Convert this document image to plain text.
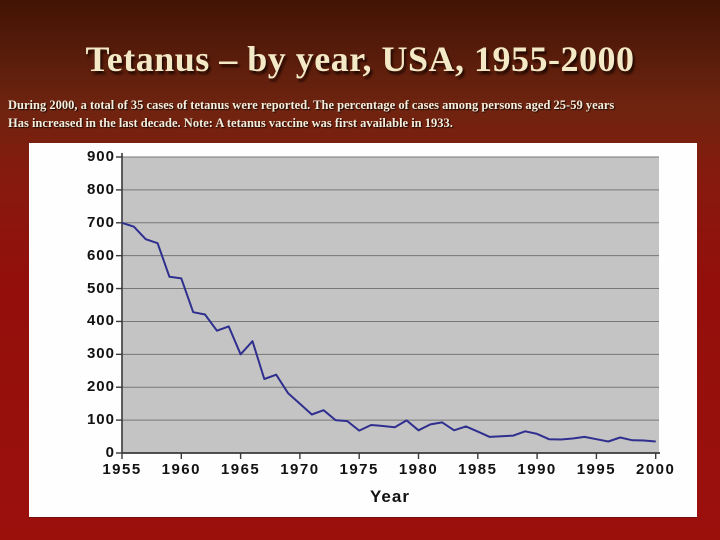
Tetanus – by year, USA, 1955-2000
During 2000, a total of 35 cases of tetanus were reported. The percentage of cases among persons aged 25-59 years
Has increased in the last decade. Note: A tetanus vaccine was first available in 1933.
0
100
200
300
400
500
600
700
800
900
1955	1960	1965	1970	1975	1980	1985	1990	1995	2000
Year
